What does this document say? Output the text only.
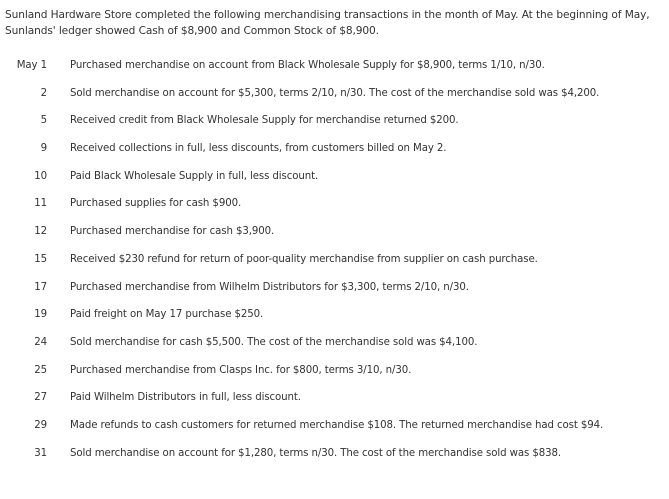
Sunland Hardware Store completed the following merchandising transactions in the month of May. At the beginning of May,
Sunlands' ledger showed Cash of $8,900 and Common Stock of $8,900.
May 1 Purchased merchandise on account from Black Wholesale Supply for $8,900, terms 1/10, n/30.
2 Sold merchandise on account for $5,300, terms 2/10, n/30. The cost of the merchandise sold was $4,200.
5 Received credit from Black Wholesale Supply for merchandise returned $200.
9 Received collections in full, less discounts, from customers billed on May 2.
10 Paid Black Wholesale Supply in full, less discount.
11 Purchased supplies for cash $900.
12 Purchased merchandise for cash $3,900.
15 Received $230 refund for return of poor-quality merchandise from supplier on cash purchase.
17 Purchased merchandise from Wilhelm Distributors for $3,300, terms 2/10, n/30.
19 Paid freight on May 17 purchase $250.
24 Sold merchandise for cash $5,500. The cost of the merchandise sold was $4,100.
25 Purchased merchandise from Clasps Inc. for $800, terms 3/10, n/30.
27 Paid Wilhelm Distributors in full, less discount.
29 Made refunds to cash customers for returned merchandise $108. The returned merchandise had cost $94.
31 Sold merchandise on account for $1,280, terms n/30. The cost of the merchandise sold was $838.
